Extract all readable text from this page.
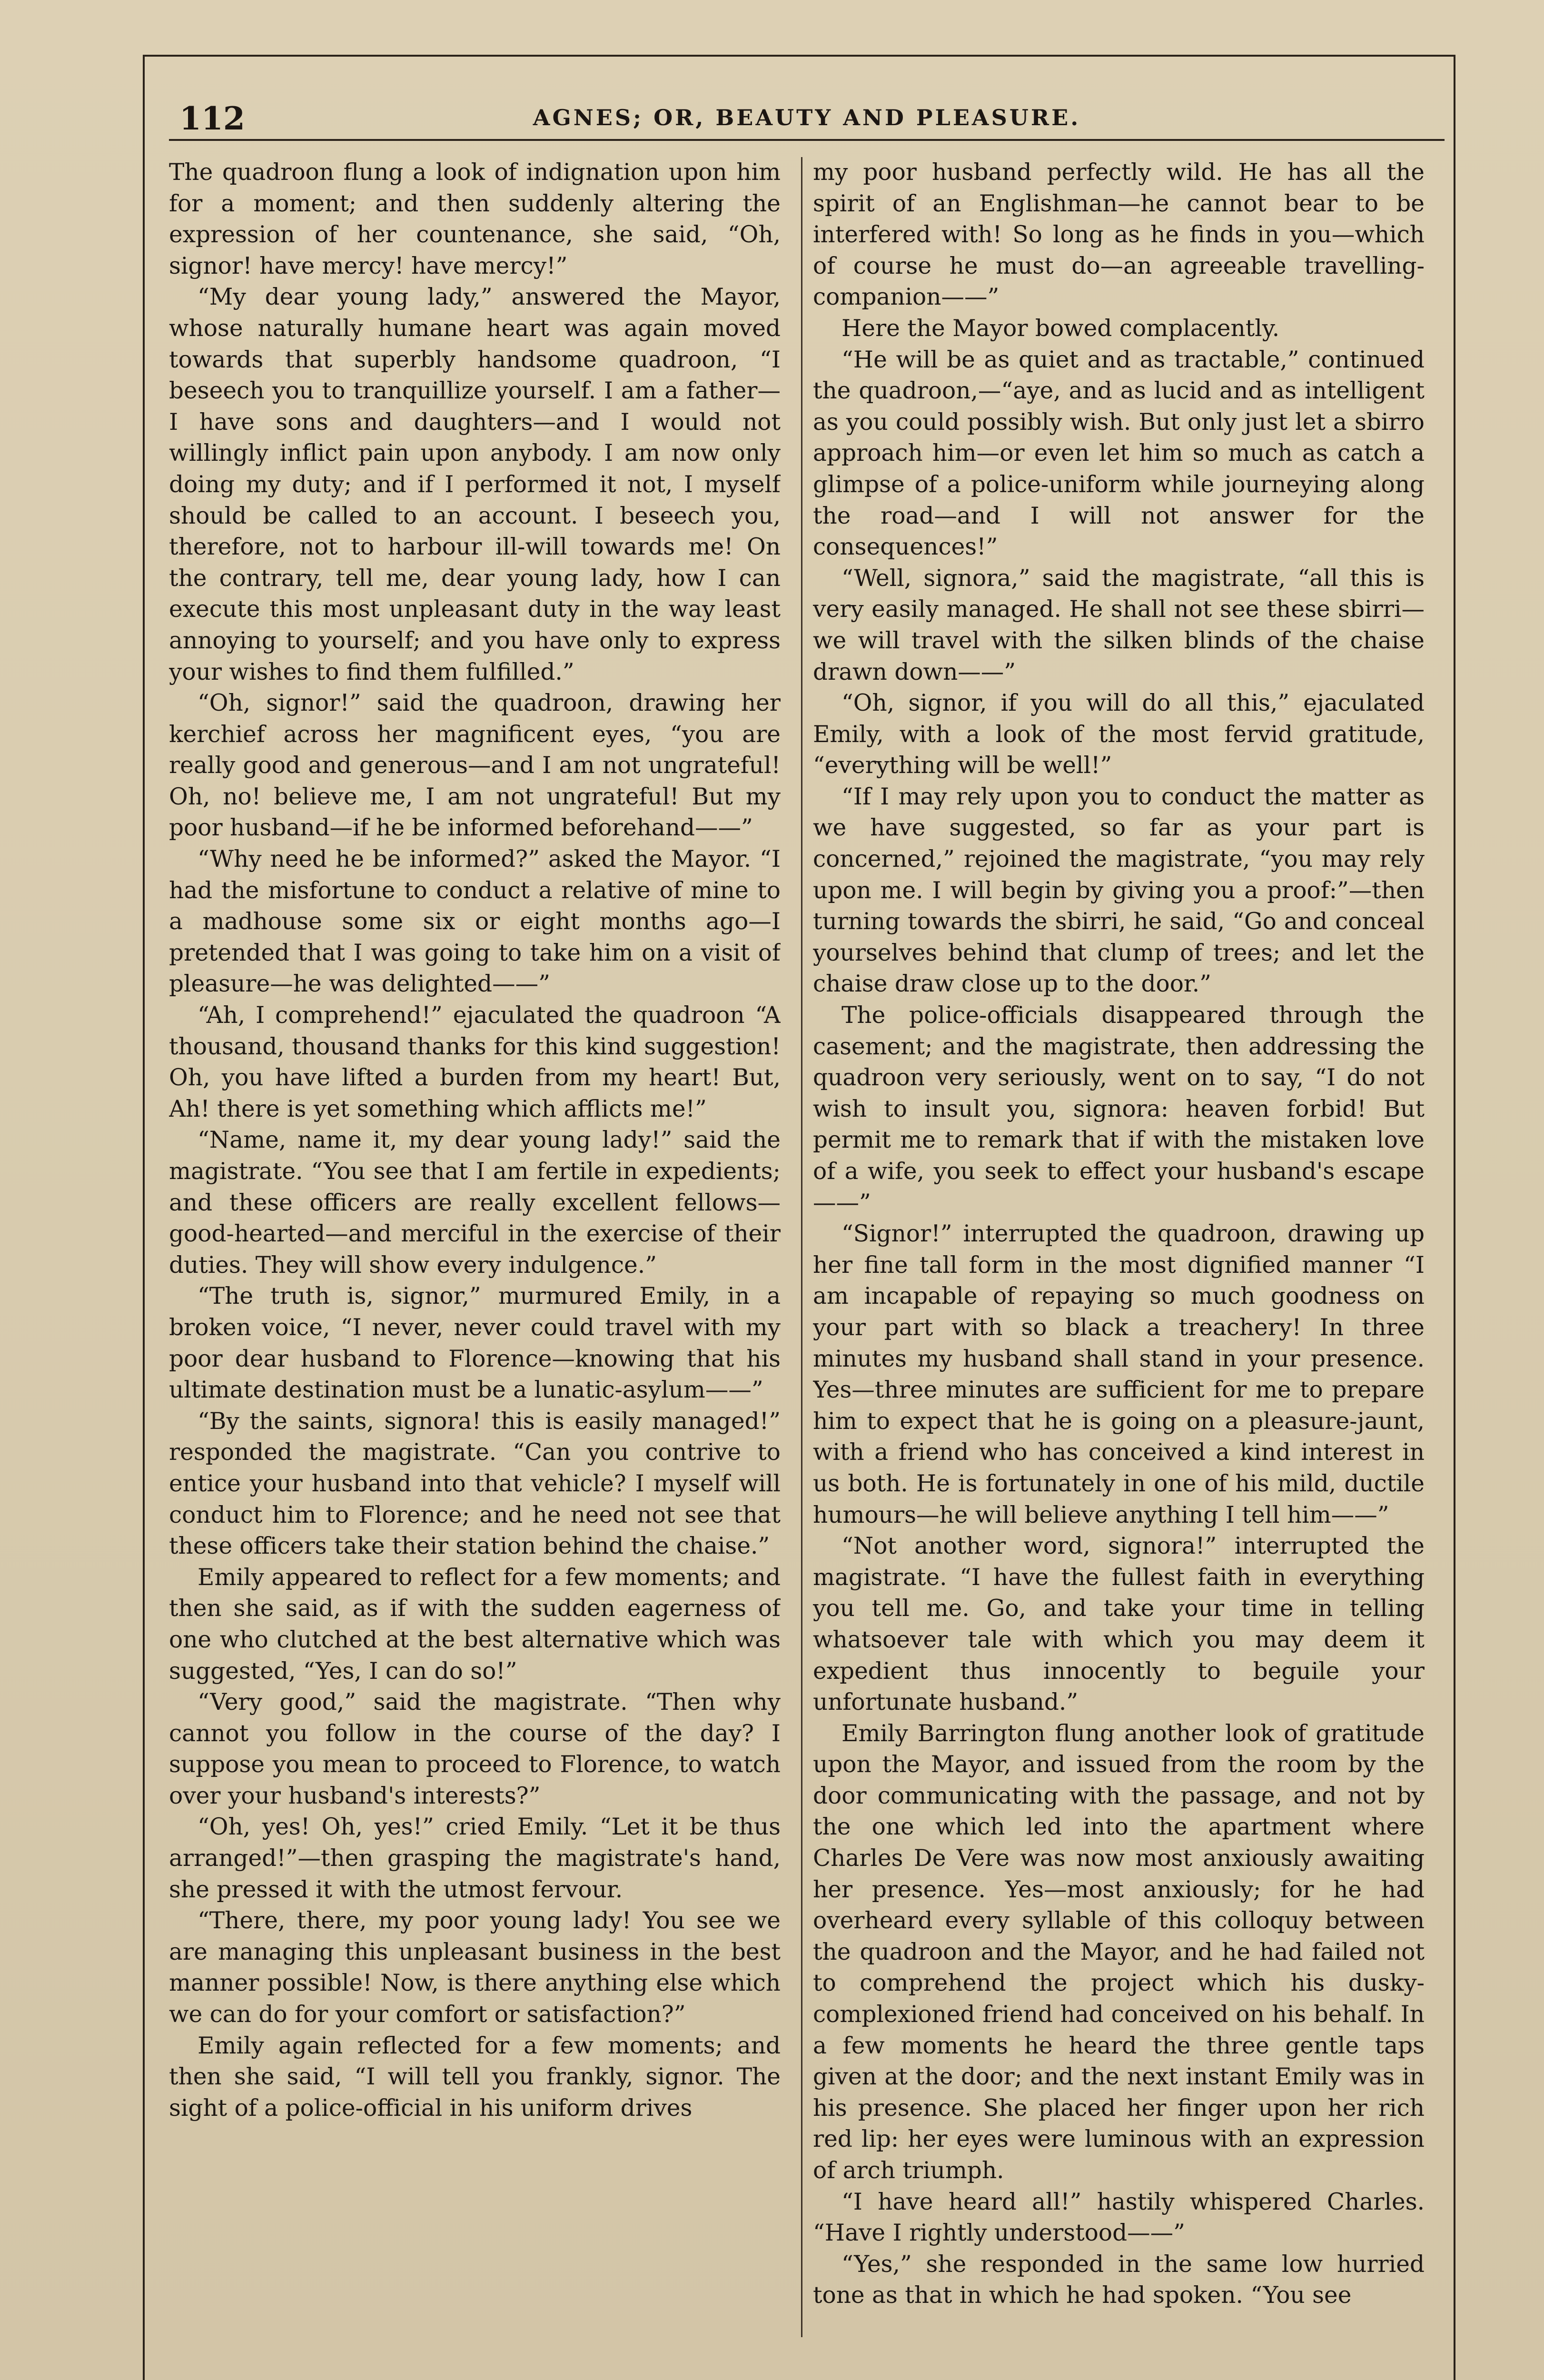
112	AGNES; OR, BEAUTY AND PLEASURE.

The quadroon flung a look of indignation upon him for a moment; and then suddenly altering the expression of her countenance, she said, “Oh, signor! have mercy! have mercy!”

“My dear young lady,” answered the Mayor, whose naturally humane heart was again moved towards that superbly handsome quadroon, “I beseech you to tranquillize yourself. I am a father—I have sons and daughters—and I would not willingly inflict pain upon anybody. I am now only doing my duty; and if I performed it not, I myself should be called to an account. I beseech you, therefore, not to harbour ill-will towards me! On the contrary, tell me, dear young lady, how I can execute this most unpleasant duty in the way least annoying to yourself; and you have only to express your wishes to find them fulfilled.”

“Oh, signor!” said the quadroon, drawing her kerchief across her magnificent eyes, “you are really good and generous—and I am not ungrateful! Oh, no! believe me, I am not ungrateful! But my poor husband—if he be informed beforehand——”

“Why need he be informed?” asked the Mayor. “I had the misfortune to conduct a relative of mine to a madhouse some six or eight months ago—I pretended that I was going to take him on a visit of pleasure—he was delighted——”

“Ah, I comprehend!” ejaculated the quadroon “A thousand, thousand thanks for this kind suggestion! Oh, you have lifted a burden from my heart! But, Ah! there is yet something which afflicts me!”

“Name, name it, my dear young lady!” said the magistrate. “You see that I am fertile in expedients; and these officers are really excellent fellows—good-hearted—and merciful in the exercise of their duties. They will show every indulgence.”

“The truth is, signor,” murmured Emily, in a broken voice, “I never, never could travel with my poor dear husband to Florence—knowing that his ultimate destination must be a lunatic-asylum——”

“By the saints, signora! this is easily managed!” responded the magistrate. “Can you contrive to entice your husband into that vehicle? I myself will conduct him to Florence; and he need not see that these officers take their station behind the chaise.”

Emily appeared to reflect for a few moments; and then she said, as if with the sudden eagerness of one who clutched at the best alternative which was suggested, “Yes, I can do so!”

“Very good,” said the magistrate. “Then why cannot you follow in the course of the day? I suppose you mean to proceed to Florence, to watch over your husband's interests?”

“Oh, yes! Oh, yes!” cried Emily. “Let it be thus arranged!”—then grasping the magistrate's hand, she pressed it with the utmost fervour.

“There, there, my poor young lady! You see we are managing this unpleasant business in the best manner possible! Now, is there anything else which we can do for your comfort or satisfaction?”

Emily again reflected for a few moments; and then she said, “I will tell you frankly, signor. The sight of a police-official in his uniform drives

my poor husband perfectly wild. He has all the spirit of an Englishman—he cannot bear to be interfered with! So long as he finds in you—which of course he must do—an agreeable travelling-companion——”

Here the Mayor bowed complacently.

“He will be as quiet and as tractable,” continued the quadroon,—“aye, and as lucid and as intelligent as you could possibly wish. But only just let a sbirro approach him—or even let him so much as catch a glimpse of a police-uniform while journeying along the road—and I will not answer for the consequences!”

“Well, signora,” said the magistrate, “all this is very easily managed. He shall not see these sbirri—we will travel with the silken blinds of the chaise drawn down——”

“Oh, signor, if you will do all this,” ejaculated Emily, with a look of the most fervid gratitude, “everything will be well!”

“If I may rely upon you to conduct the matter as we have suggested, so far as your part is concerned,” rejoined the magistrate, “you may rely upon me. I will begin by giving you a proof:”—then turning towards the sbirri, he said, “Go and conceal yourselves behind that clump of trees; and let the chaise draw close up to the door.”

The police-officials disappeared through the casement; and the magistrate, then addressing the quadroon very seriously, went on to say, “I do not wish to insult you, signora: heaven forbid! But permit me to remark that if with the mistaken love of a wife, you seek to effect your husband's escape——”

“Signor!” interrupted the quadroon, drawing up her fine tall form in the most dignified manner “I am incapable of repaying so much goodness on your part with so black a treachery! In three minutes my husband shall stand in your presence. Yes—three minutes are sufficient for me to prepare him to expect that he is going on a pleasure-jaunt, with a friend who has conceived a kind interest in us both. He is fortunately in one of his mild, ductile humours—he will believe anything I tell him——”

“Not another word, signora!” interrupted the magistrate. “I have the fullest faith in everything you tell me. Go, and take your time in telling whatsoever tale with which you may deem it expedient thus innocently to beguile your unfortunate husband.”

Emily Barrington flung another look of gratitude upon the Mayor, and issued from the room by the door communicating with the passage, and not by the one which led into the apartment where Charles De Vere was now most anxiously awaiting her presence. Yes—most anxiously; for he had overheard every syllable of this colloquy between the quadroon and the Mayor, and he had failed not to comprehend the project which his dusky-complexioned friend had conceived on his behalf. In a few moments he heard the three gentle taps given at the door; and the next instant Emily was in his presence. She placed her finger upon her rich red lip: her eyes were luminous with an expression of arch triumph.

“I have heard all!” hastily whispered Charles. “Have I rightly understood——”

“Yes,” she responded in the same low hurried tone as that in which he had spoken. “You see
